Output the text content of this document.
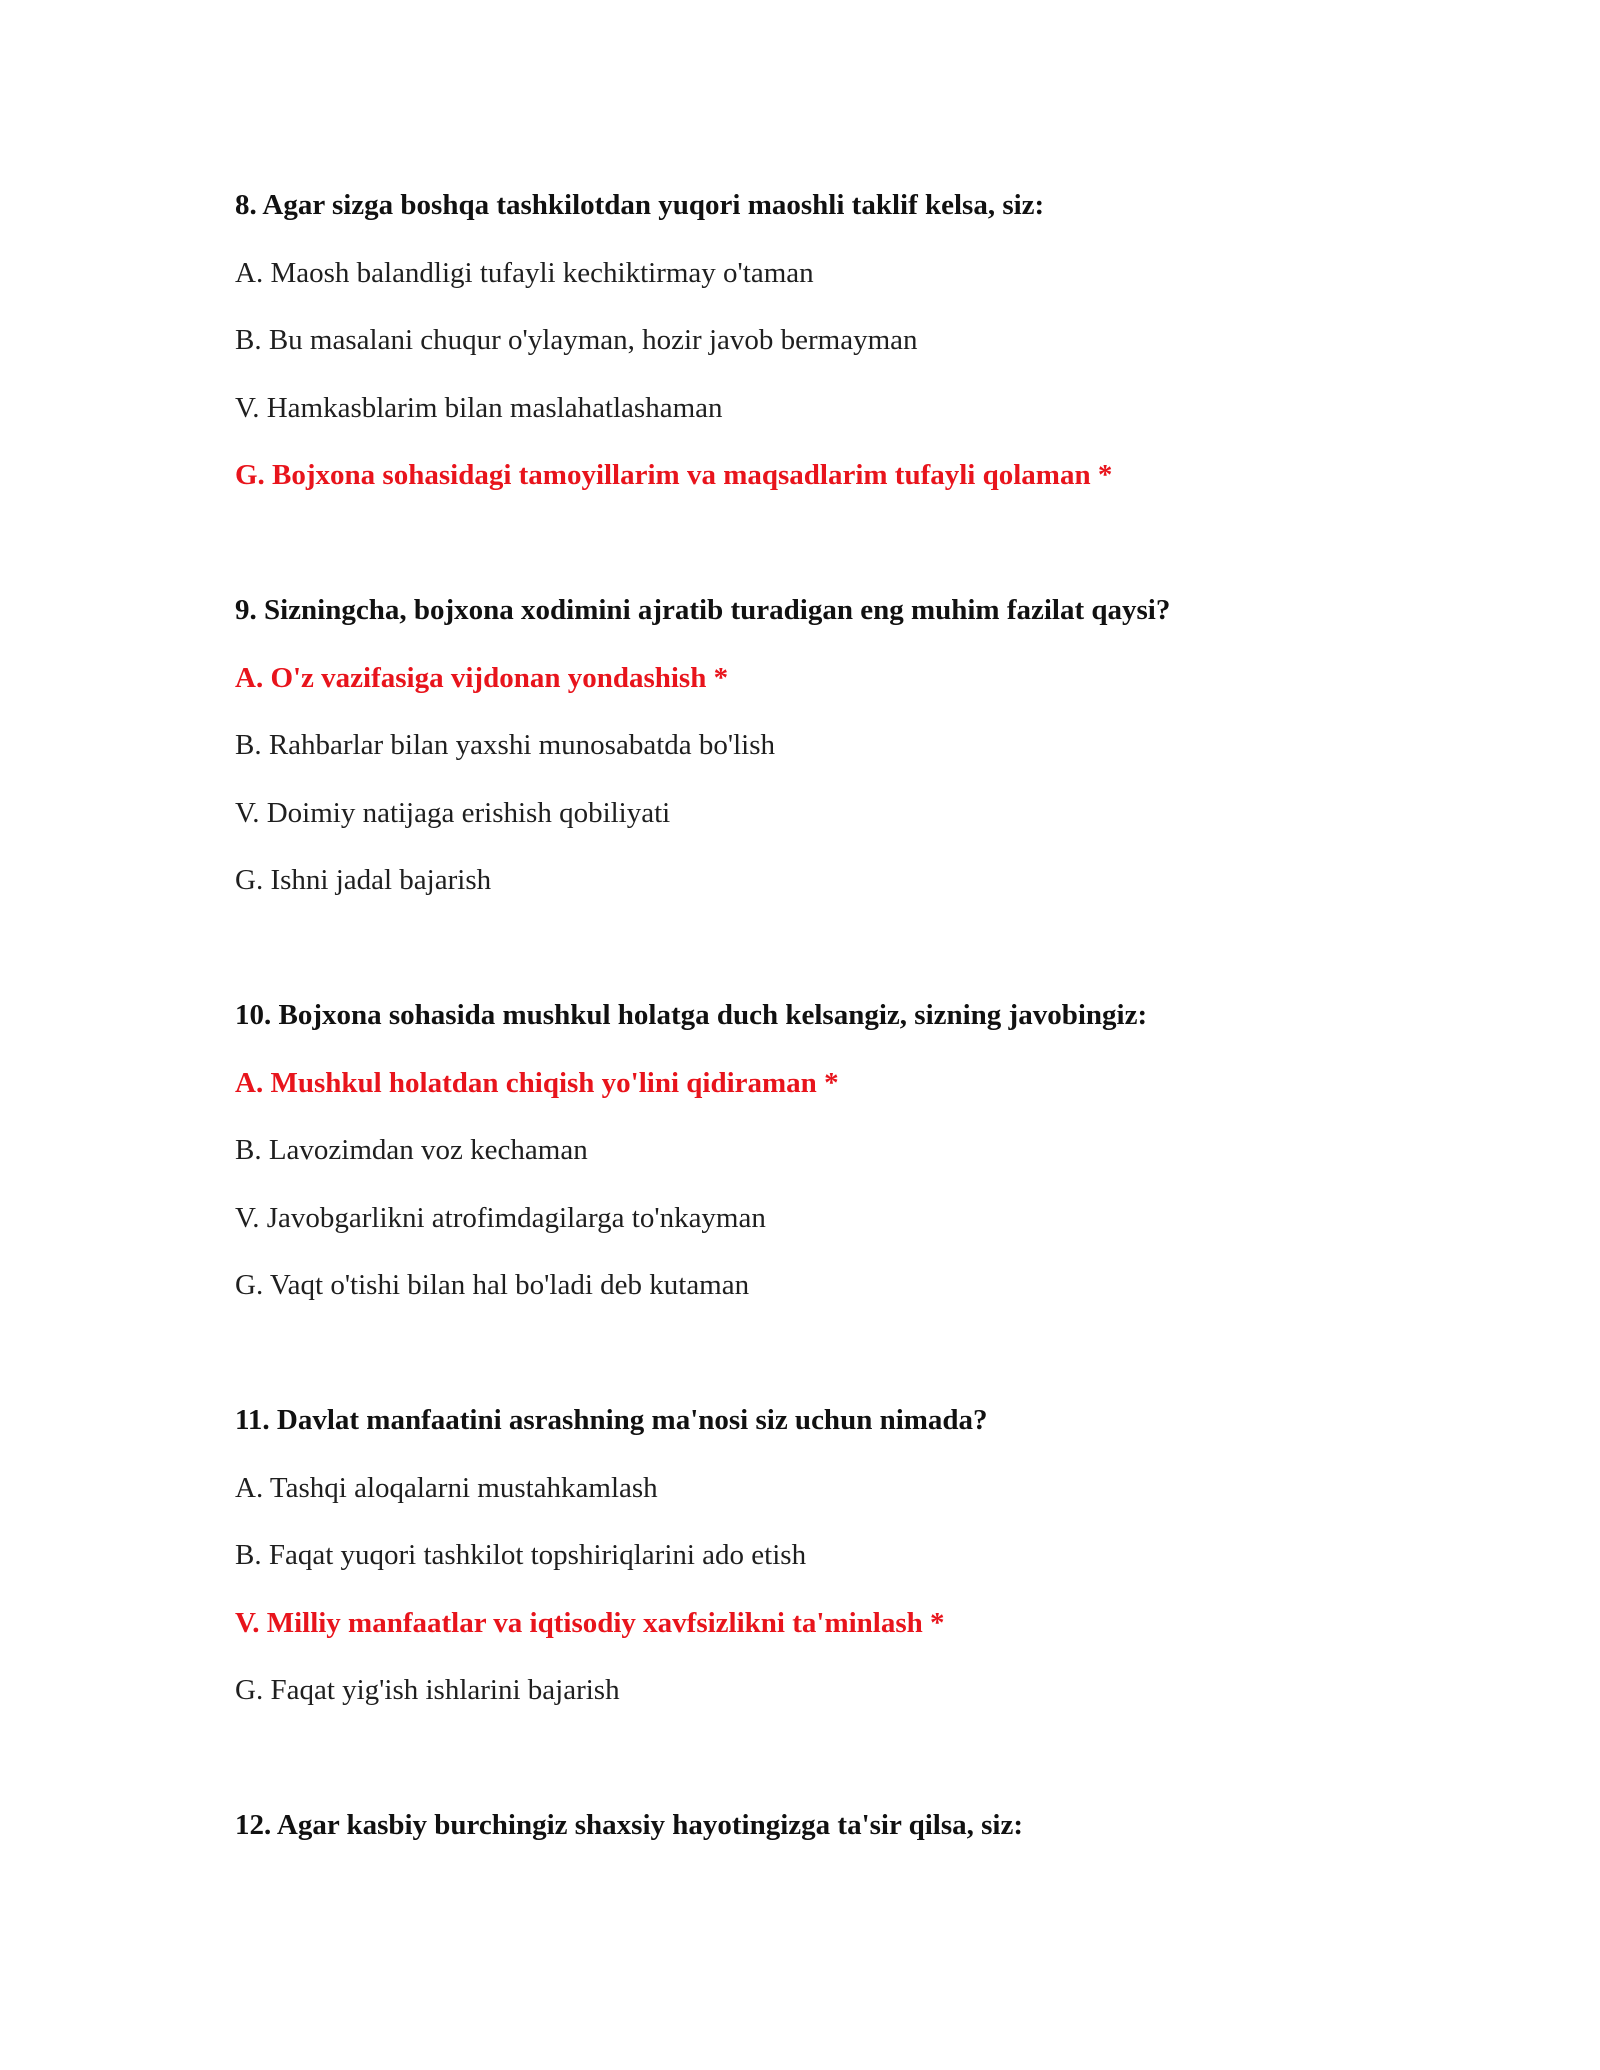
8. Agar sizga boshqa tashkilotdan yuqori maoshli taklif kelsa, siz:
A. Maosh balandligi tufayli kechiktirmay o'taman
B. Bu masalani chuqur o'ylayman, hozir javob bermayman
V. Hamkasblarim bilan maslahatlashaman
G. Bojxona sohasidagi tamoyillarim va maqsadlarim tufayli qolaman *
9. Sizningcha, bojxona xodimini ajratib turadigan eng muhim fazilat qaysi?
A. O'z vazifasiga vijdonan yondashish *
B. Rahbarlar bilan yaxshi munosabatda bo'lish
V. Doimiy natijaga erishish qobiliyati
G. Ishni jadal bajarish
10. Bojxona sohasida mushkul holatga duch kelsangiz, sizning javobingiz:
A. Mushkul holatdan chiqish yo'lini qidiraman *
B. Lavozimdan voz kechaman
V. Javobgarlikni atrofimdagilarga to'nkayman
G. Vaqt o'tishi bilan hal bo'ladi deb kutaman
11. Davlat manfaatini asrashning ma'nosi siz uchun nimada?
A. Tashqi aloqalarni mustahkamlash
B. Faqat yuqori tashkilot topshiriqlarini ado etish
V. Milliy manfaatlar va iqtisodiy xavfsizlikni ta'minlash *
G. Faqat yig'ish ishlarini bajarish
12. Agar kasbiy burchingiz shaxsiy hayotingizga ta'sir qilsa, siz:
